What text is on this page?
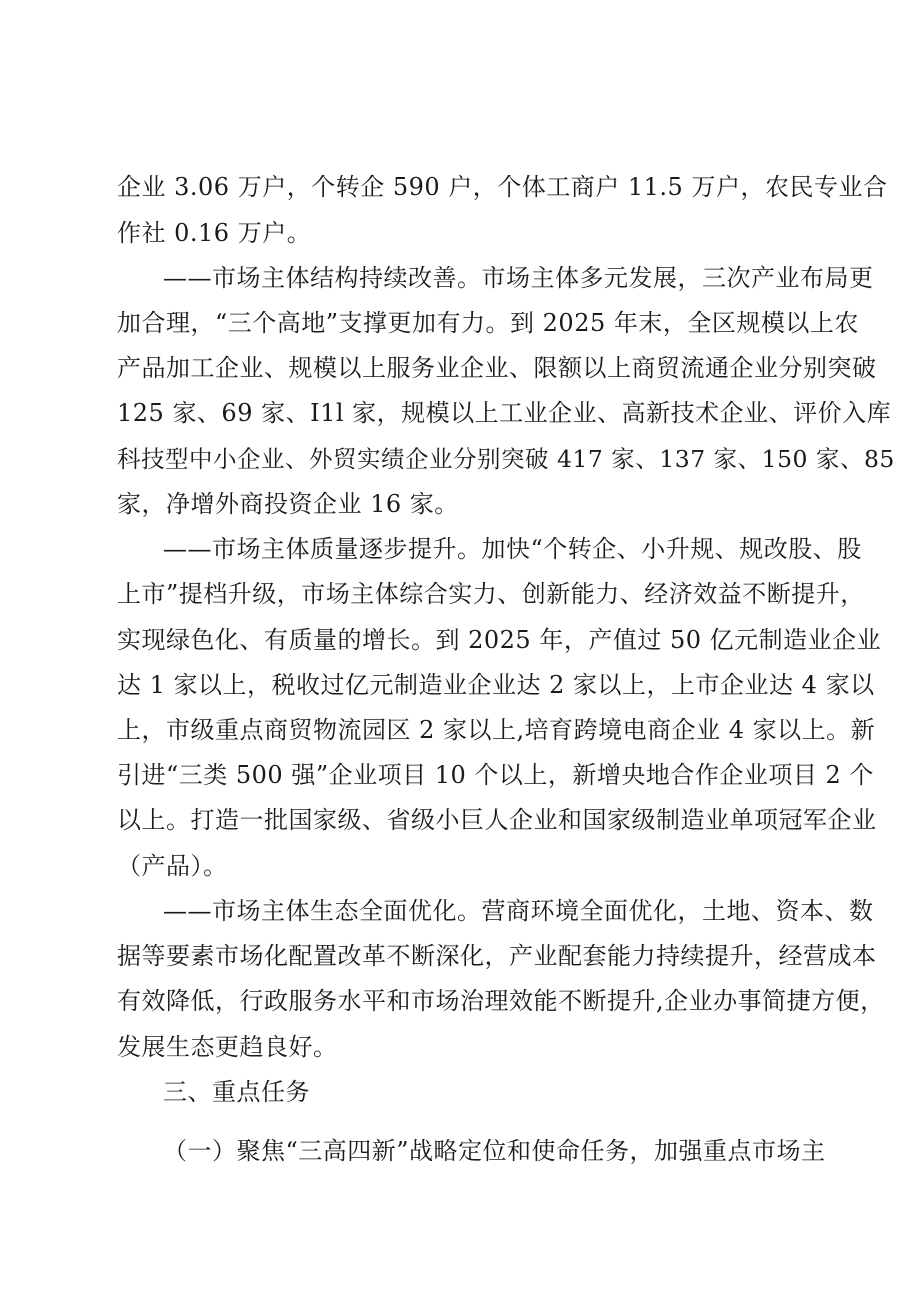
企业 3.06 万户，个转企 590 户，个体工商户 11.5 万户，农民专业合
作社 0.16 万户。
——市场主体结构持续改善。市场主体多元发展，三次产业布局更
加合理，“三个高地”支撑更加有力。到 2025 年末，全区规模以上农
产品加工企业、规模以上服务业企业、限额以上商贸流通企业分别突破
125 家、69 家、I1l 家，规模以上工业企业、高新技术企业、评价入库
科技型中小企业、外贸实绩企业分别突破 417 家、137 家、150 家、85
家，净增外商投资企业 16 家。
——市场主体质量逐步提升。加快“个转企、小升规、规改股、股
上市”提档升级，市场主体综合实力、创新能力、经济效益不断提升，
实现绿色化、有质量的增长。到 2025 年，产值过 50 亿元制造业企业
达 1 家以上，税收过亿元制造业企业达 2 家以上，上市企业达 4 家以
上，市级重点商贸物流园区 2 家以上,培育跨境电商企业 4 家以上。新
引进“三类 500 强”企业项目 10 个以上，新增央地合作企业项目 2 个
以上。打造一批国家级、省级小巨人企业和国家级制造业单项冠军企业
（产品）。
——市场主体生态全面优化。营商环境全面优化，土地、资本、数
据等要素市场化配置改革不断深化，产业配套能力持续提升，经营成本
有效降低，行政服务水平和市场治理效能不断提升,企业办事简捷方便，
发展生态更趋良好。
三、重点任务
（一）聚焦“三高四新”战略定位和使命任务，加强重点市场主
